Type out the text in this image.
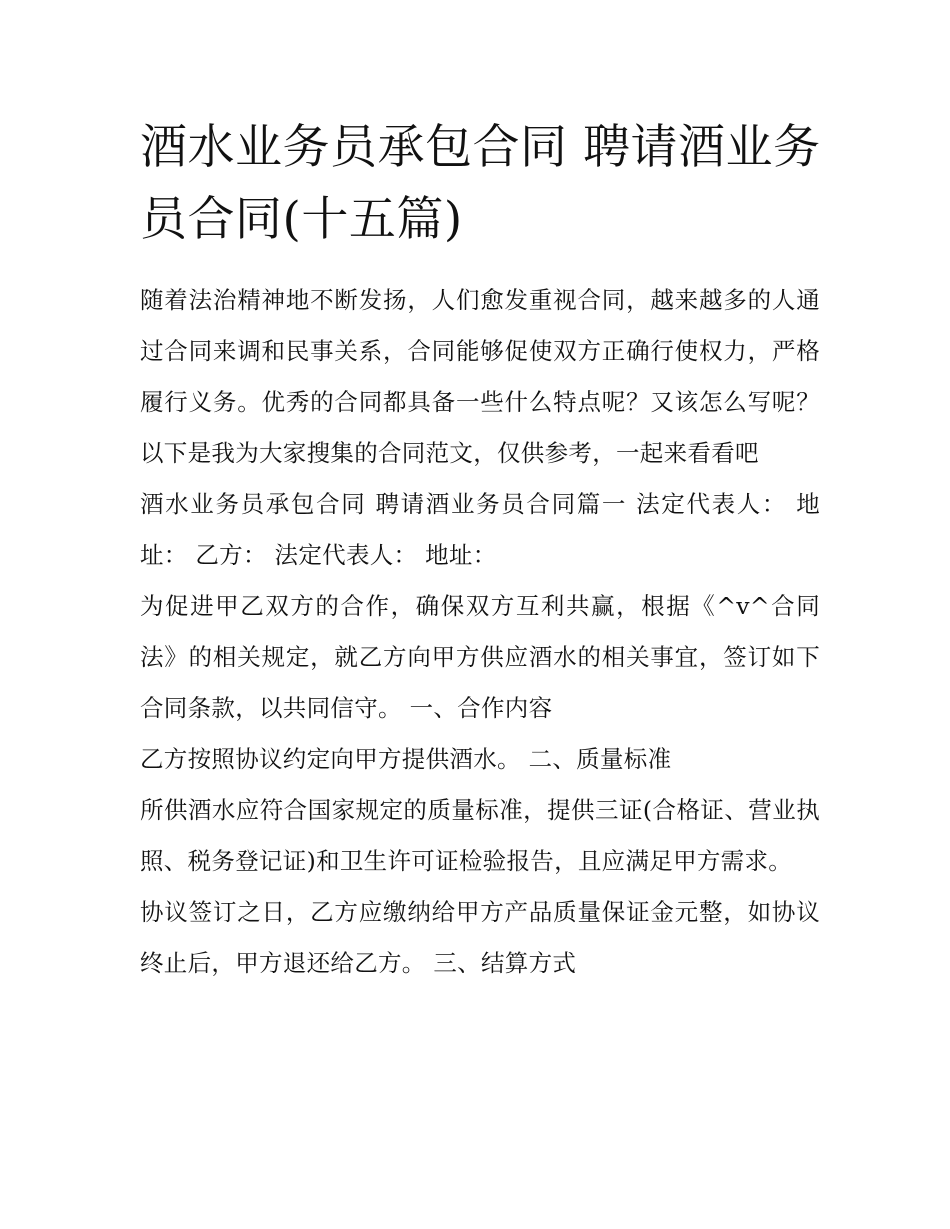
酒水业务员承包合同 聘请酒业务员合同(十五篇)

随着法治精神地不断发扬，人们愈发重视合同，越来越多的人通过合同来调和民事关系，合同能够促使双方正确行使权力，严格履行义务。优秀的合同都具备一些什么特点呢？又该怎么写呢？以下是我为大家搜集的合同范文，仅供参考，一起来看看吧

酒水业务员承包合同 聘请酒业务员合同篇一 法定代表人： 地址： 乙方： 法定代表人： 地址：

为促进甲乙双方的合作，确保双方互利共赢，根据《^v^合同法》的相关规定，就乙方向甲方供应酒水的相关事宜，签订如下合同条款，以共同信守。 一、合作内容

乙方按照协议约定向甲方提供酒水。 二、质量标准

所供酒水应符合国家规定的质量标准，提供三证(合格证、营业执照、税务登记证)和卫生许可证检验报告，且应满足甲方需求。

协议签订之日，乙方应缴纳给甲方产品质量保证金元整，如协议终止后，甲方退还给乙方。 三、结算方式
